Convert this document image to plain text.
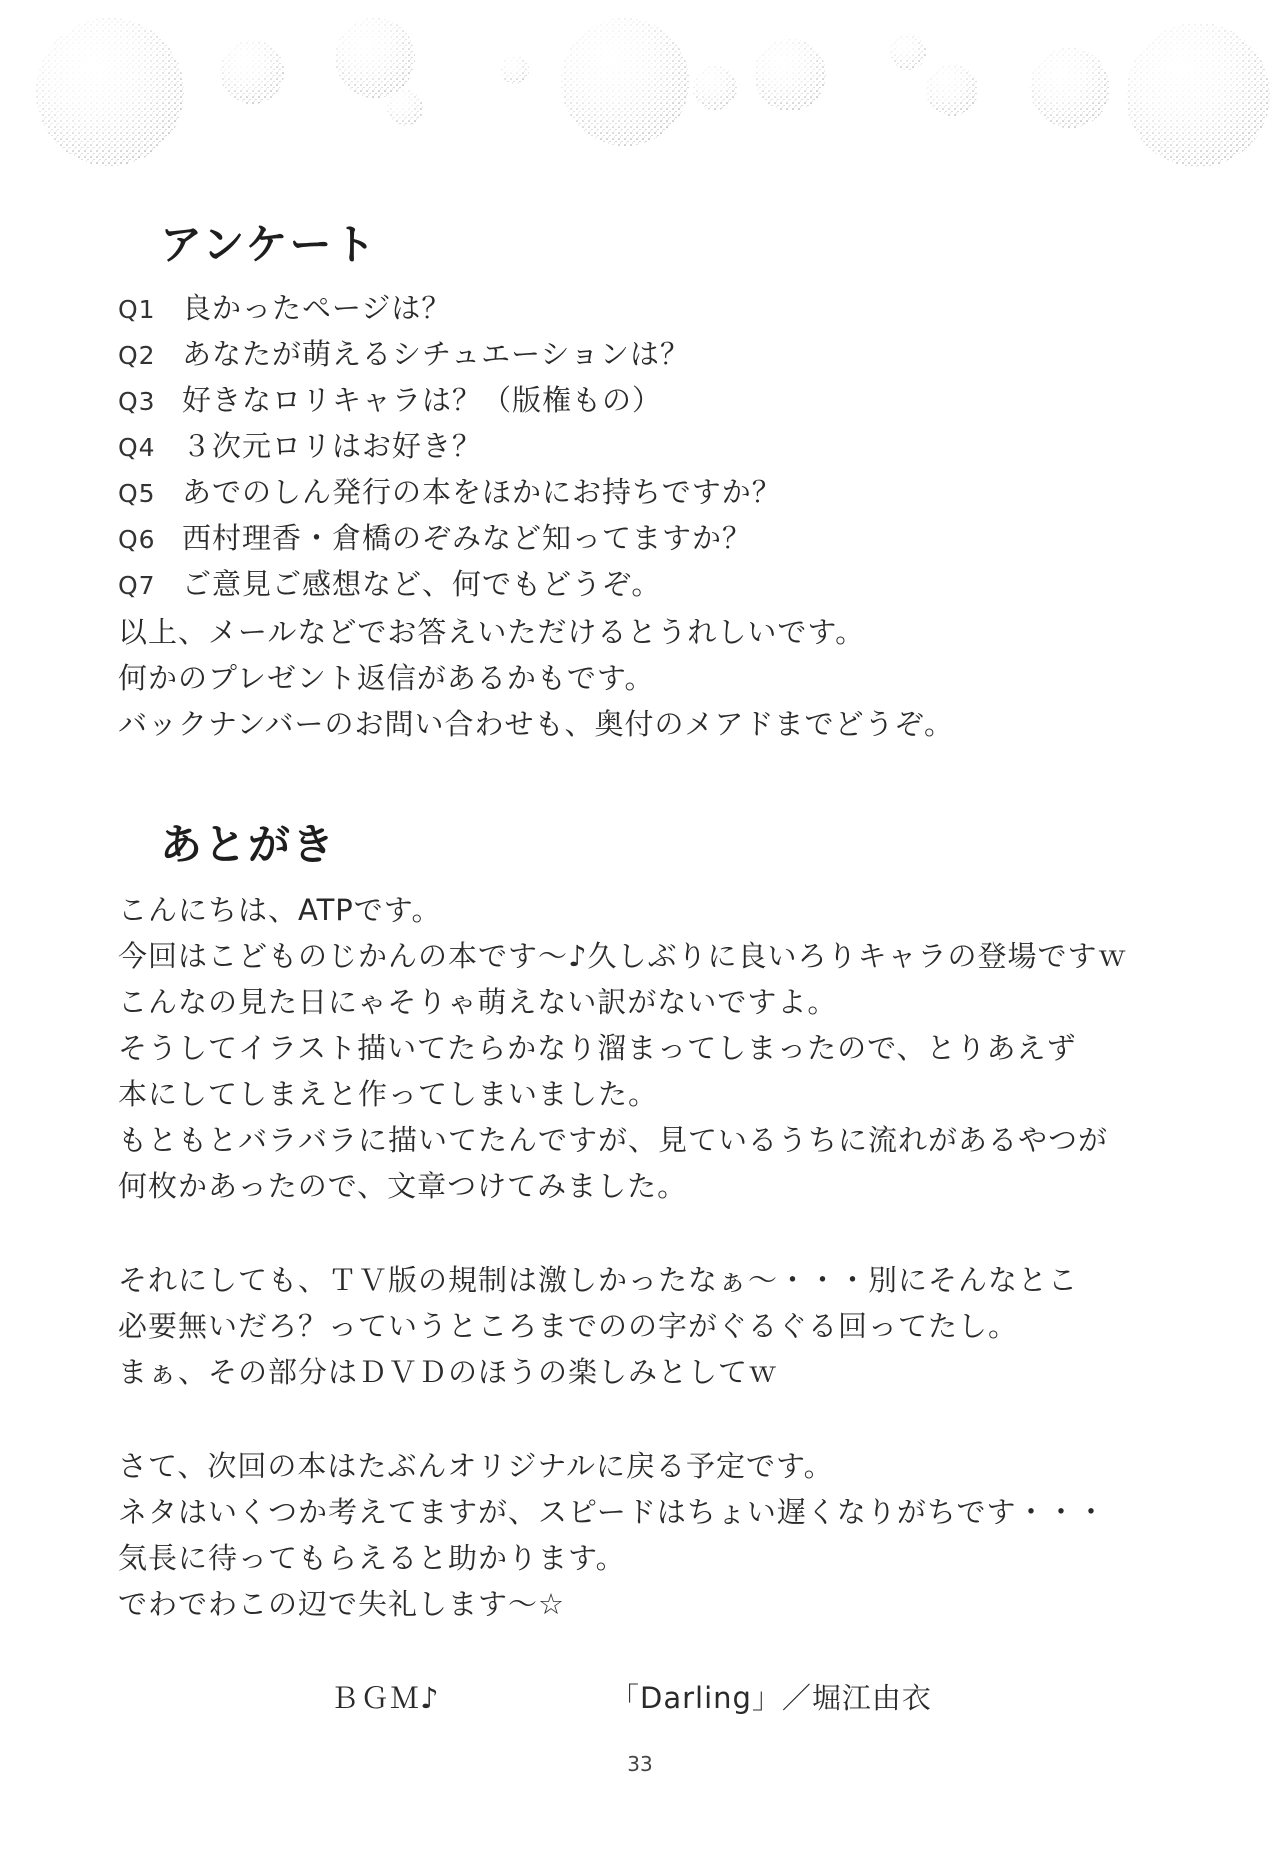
アンケート
Q1 良かったページは？
Q2 あなたが萌えるシチュエーションは？
Q3 好きなロリキャラは？（版権もの）
Q4 ３次元ロリはお好き？
Q5 あでのしん発行の本をほかにお持ちですか？
Q6 西村理香・倉橋のぞみなど知ってますか？
Q7 ご意見ご感想など、何でもどうぞ。

以上、メールなどでお答えいただけるとうれしいです。

何かのプレゼント返信があるかもです。

バックナンバーのお問い合わせも、奥付のメアドまでどうぞ。

あとがき

こんにちは、ATPです。

今回はこどものじかんの本です～♪久しぶりに良いろりキャラの登場ですｗ

こんなの見た日にゃそりゃ萌えない訳がないですよ。

そうしてイラスト描いてたらかなり溜まってしまったので、とりあえず

本にしてしまえと作ってしまいました。

もともとバラバラに描いてたんですが、見ているうちに流れがあるやつが

何枚かあったので、文章つけてみました。

それにしても、ＴＶ版の規制は激しかったなぁ～・・・別にそんなとこ

必要無いだろ？っていうところまでのの字がぐるぐる回ってたし。

まぁ、その部分はＤＶＤのほうの楽しみとしてｗ

さて、次回の本はたぶんオリジナルに戻る予定です。

ネタはいくつか考えてますが、スピードはちょい遅くなりがちです・・・

気長に待ってもらえると助かります。

でわでわこの辺で失礼します～☆

ＢＧＭ♪	「Darling」／堀江由衣
33
